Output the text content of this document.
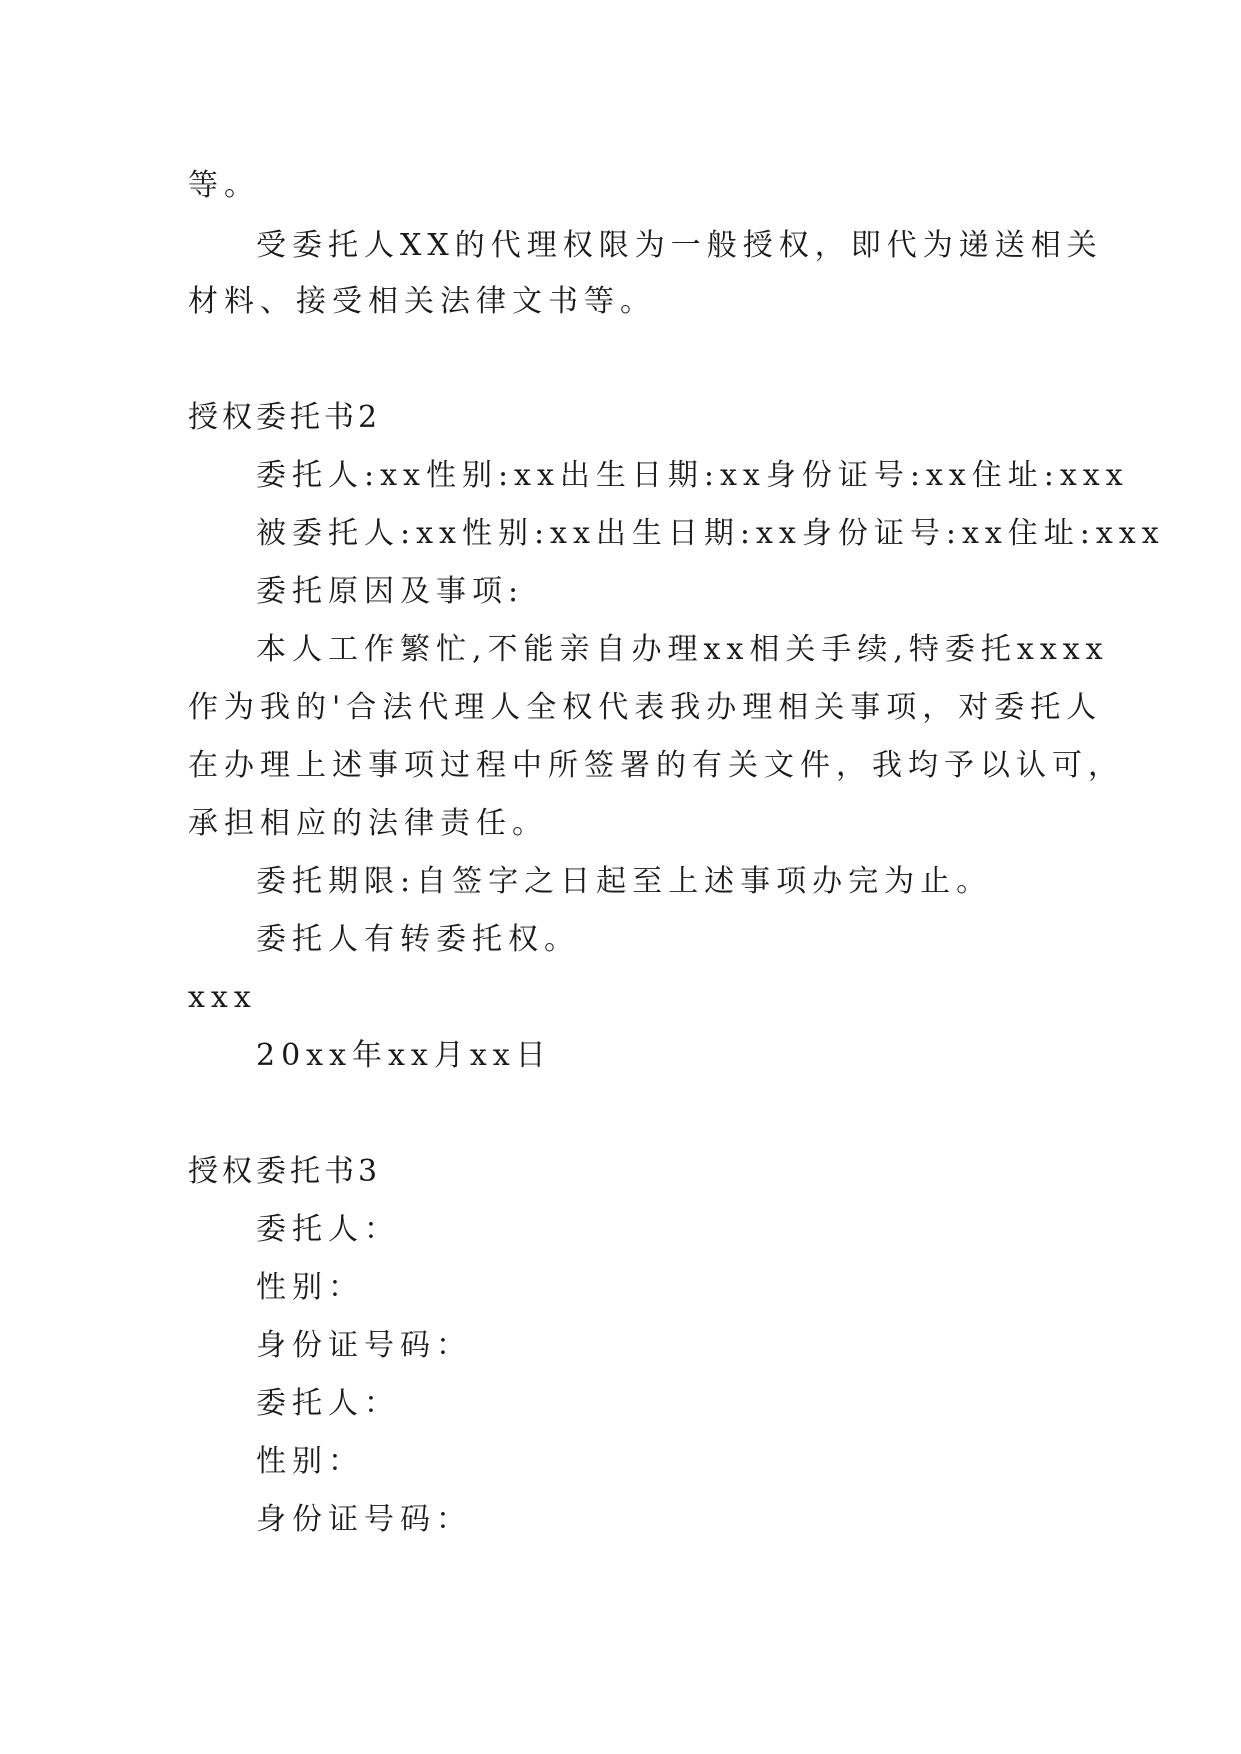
等。
受委托人XX的代理权限为一般授权，即代为递送相关
材料、接受相关法律文书等。
授权委托书2
委托人:xx性别:xx出生日期:xx身份证号:xx住址:xxx
被委托人:xx性别:xx出生日期:xx身份证号:xx住址:xxx
委托原因及事项:
本人工作繁忙,不能亲自办理xx相关手续,特委托xxxx
作为我的'合法代理人全权代表我办理相关事项，对委托人
在办理上述事项过程中所签署的有关文件，我均予以认可，
承担相应的法律责任。
委托期限:自签字之日起至上述事项办完为止。
委托人有转委托权。
xxx
20xx年xx月xx日
授权委托书3
委托人：
性别：
身份证号码：
委托人：
性别：
身份证号码：
